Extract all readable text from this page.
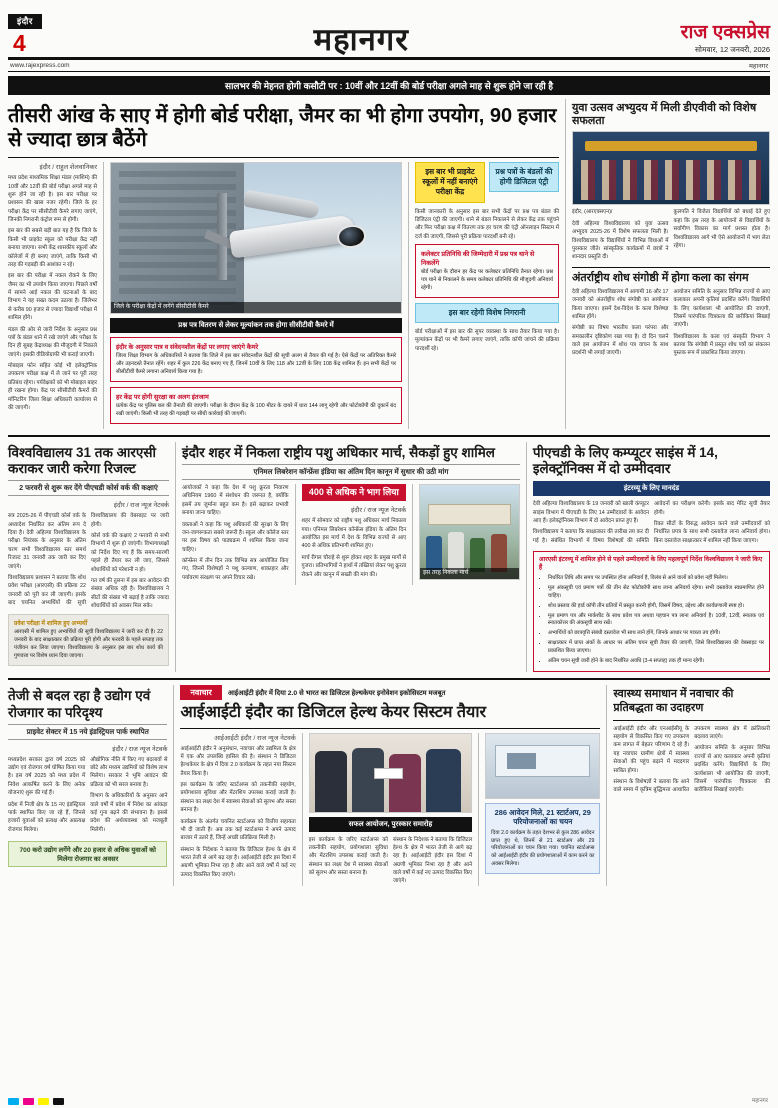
इंदौर
4	महानगर	राज एक्सप्रेस
सोमवार, 12 जनवरी, 2026
www.rajexpress.com	महानगर
सालभर की मेहनत होगी कसौटी पर : 10वीं और 12वीं की बोर्ड परीक्षा अगले माह से शुरू होने जा रही है
तीसरी आंख के साए में होगी बोर्ड परीक्षा, जैमर का भी होगा उपयोग, 90 हजार से ज्यादा छात्र बैठेंगे
इंदौर / राहुल शेलवानिकर

मध्य प्रदेश माध्यमिक शिक्षा मंडल (माशिमं) की 10वीं और 12वीं की बोर्ड परीक्षा अगले माह से शुरू होने जा रही है। इस बार परीक्षा पर प्रशासन की खास नजर रहेगी। जिले के हर परीक्षा केंद्र पर सीसीटीवी कैमरे लगाए जाएंगे, जिनकी निगरानी कंट्रोल रूम से होगी।

इस बार की सबसे बड़ी बात यह है कि जिले के किसी भी प्राइवेट स्कूल को परीक्षा केंद्र नहीं बनाया जाएगा। सभी केंद्र शासकीय स्कूलों और कॉलेजों में ही बनाए जाएंगे, ताकि किसी भी तरह की गड़बड़ी की आशंका न रहे।

इस बार की परीक्षा में नकल रोकने के लिए जैमर का भी उपयोग किया जाएगा। पिछले वर्षों में सामने आई नकल की घटनाओं के बाद विभाग ने यह सख्त कदम उठाया है। जिलेभर से करीब 90 हजार से ज्यादा विद्यार्थी परीक्षा में शामिल होंगे।

मंडल की ओर से जारी निर्देश के अनुसार प्रश्न पत्रों के बंडल थाने में रखे जाएंगे और परीक्षा के दिन ही सुबह केंद्राध्यक्ष की मौजूदगी में निकाले जाएंगे। इसकी वीडियोग्राफी भी कराई जाएगी।

मोबाइल फोन सहित कोई भी इलेक्ट्रॉनिक उपकरण परीक्षा कक्ष में ले जाने पर पूरी तरह प्रतिबंध रहेगा। पर्यवेक्षकों को भी मोबाइल बाहर ही रखना होगा। केंद्र पर सीसीटीवी कैमरों की मॉनिटरिंग जिला शिक्षा अधिकारी कार्यालय से की जाएगी।

जिले के परीक्षा केंद्रों में लगेंगे सीसीटीवी कैमरे
प्रश्न पत्र वितरण से लेकर मूल्यांकन तक होगा सीसीटीवी कैमरे में
इंदौर के अनुसार पात्र व संवेदनशील केंद्रों पर लगाए जाएंगे कैमरे
जिला शिक्षा विभाग के अधिकारियों ने बताया कि जिले में इस बार संवेदनशील केंद्रों की सूची अलग से तैयार की गई है। ऐसे केंद्रों पर अतिरिक्त कैमरे और उड़नदस्ते तैनात रहेंगे। शहर में कुल 226 केंद्र बनाए गए हैं, जिनमें 10वीं के लिए 118 और 12वीं के लिए 108 केंद्र शामिल हैं। इन सभी केंद्रों पर सीसीटीवी कैमरे लगाना अनिवार्य किया गया है।
हर केंद्र पर होगी सुरक्षा का अलग इंतजाम
प्रत्येक केंद्र पर पुलिस बल की तैनाती की जाएगी। परीक्षा के दौरान केंद्र के 100 मीटर के दायरे में धारा 144 लागू रहेगी और फोटोकॉपी की दुकानें बंद रखी जाएंगी। किसी भी तरह की गड़बड़ी पर सीधी कार्रवाई की जाएगी।
इस बार भी प्राइवेट स्कूलों में नहीं बनाएंगे परीक्षा केंद्र
प्रश्न पत्रों के बंडलों की होगी डिजिटल एंट्री

किसी जानकारी के अनुसार इस बार सभी केंद्रों पर प्रश्न पत्र बंडल की डिजिटल एंट्री की जाएगी। थाने से बंडल निकालने से लेकर केंद्र तक पहुंचने और फिर परीक्षा कक्ष में वितरण तक हर चरण की एंट्री ऑनलाइन सिस्टम में दर्ज की जाएगी, जिससे पूरी प्रक्रिया पारदर्शी बनी रहे।

कलेक्टर प्रतिनिधि की जिम्मेदारी में प्रश्न पत्र थाने से निकलेंगे
बोर्ड परीक्षा के दौरान हर केंद्र पर कलेक्टर प्रतिनिधि तैनात रहेगा। प्रश्न पत्र थाने से निकालने के समय कलेक्टर प्रतिनिधि की मौजूदगी अनिवार्य रहेगी।
इस बार रहेगी विशेष निगरानी

बोर्ड परीक्षाओं में इस बार की सुपर व्यवस्था के साथ तैयार किया गया है। मूल्यांकन केंद्रों पर भी कैमरे लगाए जाएंगे, ताकि कॉपी जांचने की प्रक्रिया पारदर्शी रहे।

युवा उत्सव अभ्युदय में मिली डीएवीवी को विशेष सफलता

इंदौर, (आरएक्सएन)/

देवी अहिल्या विश्वविद्यालय को युवा उत्सव अभ्युदय 2025-26 में विशेष सफलता मिली है। विश्वविद्यालय के विद्यार्थियों ने विभिन्न विधाओं में पुरस्कार जीते। सांस्कृतिक कार्यक्रमों में छात्रों ने शानदार प्रस्तुति दी।

कुलपति ने विजेता विद्यार्थियों को बधाई देते हुए कहा कि इस तरह के आयोजनों से विद्यार्थियों के सर्वांगीण विकास का मार्ग प्रशस्त होता है। विश्वविद्यालय आगे भी ऐसे आयोजनों में भाग लेता रहेगा।

अंतर्राष्ट्रीय शोध संगोष्ठी में होगा कला का संगम

देवी अहिल्या विश्वविद्यालय में आगामी 16 और 17 जनवरी को अंतर्राष्ट्रीय शोध संगोष्ठी का आयोजन किया जाएगा। इसमें देश-विदेश के कला विशेषज्ञ शामिल होंगे।

संगोष्ठी का विषय भारतीय कला परंपरा और समकालीन दृष्टिकोण रखा गया है। दो दिन चलने वाले इस आयोजन में शोध पत्र वाचन के साथ प्रदर्शनी भी लगाई जाएगी।

आयोजन समिति के अनुसार विभिन्न राज्यों से आए कलाकार अपनी कृतियां प्रदर्शित करेंगे। विद्यार्थियों के लिए कार्यशाला भी आयोजित की जाएगी, जिसमें पारंपरिक चित्रकला की बारीकियां सिखाई जाएंगी।

विश्वविद्यालय के कला एवं संस्कृति विभाग ने बताया कि संगोष्ठी में प्रस्तुत शोध पत्रों का संकलन पुस्तक रूप में प्रकाशित किया जाएगा।

विश्वविद्यालय 31 तक आरएसी कराकर जारी करेगा रिजल्ट
2 फरवरी से शुरू कर देंगे पीएचडी कोर्स वर्क की कक्षाएं
इंदौर / राज न्यूज नेटवर्क

सत्र 2025-26 में पीएचडी कोर्स वर्क के अध्यादेश निर्धारित कर अंतिम रूप दे दिया है। देवी अहिल्या विश्वविद्यालय के परीक्षा नियंत्रक के अनुसार के अंतिम चरण सभी विश्वविद्यालय स्तर समर्थ रिजल्ट 31 जनवरी तक जारी कर दिए जाएंगे।

विश्वविद्यालय प्रशासन ने बताया कि शोध प्रवेश परीक्षा (आरएसी) की प्रक्रिया 22 जनवरी को पूरी कर ली जाएगी। इसके बाद चयनित अभ्यर्थियों की सूची विश्वविद्यालय की वेबसाइट पर जारी होगी।

कोर्स वर्क की कक्षाएं 2 फरवरी से सभी विभागों में शुरू हो जाएंगी। विभागाध्यक्षों को निर्देश दिए गए हैं कि समय-सारणी पहले ही तैयार कर ली जाए, जिससे शोधार्थियों को परेशानी न हो।

गत वर्ष की तुलना में इस बार आवेदन की संख्या अधिक रही है। विश्वविद्यालय ने सीटों की संख्या भी बढ़ाई है ताकि ज्यादा शोधार्थियों को अवसर मिल सके।

प्रवेश परीक्षा में शामिल हुए अभ्यर्थी
आरएसी में शामिल हुए अभ्यर्थियों की सूची विश्वविद्यालय ने जारी कर दी है। 22 जनवरी के बाद साक्षात्कार की प्रक्रिया पूरी होगी और फरवरी के पहले सप्ताह तक पंजीयन कर लिया जाएगा। विश्वविद्यालय के अनुसार इस बार शोध कार्य की गुणवत्ता पर विशेष ध्यान दिया जाएगा।
इंदौर शहर में निकला राष्ट्रीय पशु अधिकार मार्च, सैकड़ों हुए शामिल
एनिमल लिबरेशन कॉन्फ्रेंस इंडिया का अंतिम दिन कानून में सुधार की उठी मांग

आयोजकों ने कहा कि देश में पशु क्रूरता निवारण अधिनियम 1960 में संशोधन की जरूरत है, क्योंकि इसमें तय जुर्माना बहुत कम है। इसे बढ़ाकर प्रभावी बनाया जाना चाहिए।

वक्ताओं ने कहा कि पशु अधिकारों की सुरक्षा के लिए जन-जागरूकता सबसे जरूरी है। स्कूल और कॉलेज स्तर पर इस विषय को पाठ्यक्रम में शामिल किया जाना चाहिए।

कॉन्फ्रेंस में तीन दिन तक विभिन्न सत्र आयोजित किए गए, जिनमें विशेषज्ञों ने पशु कल्याण, शाकाहार और पर्यावरण संरक्षण पर अपने विचार रखे।

400 से अधिक ने भाग लिया
इंदौर / राज न्यूज नेटवर्क

शहर में सोमवार को राष्ट्रीय पशु अधिकार मार्च निकाला गया। एनिमल लिबरेशन कॉन्फ्रेंस इंडिया के अंतिम दिन आयोजित इस मार्च में देश के विभिन्न राज्यों से आए 400 से अधिक प्रतिभागी शामिल हुए।

मार्च रीगल चौराहे से शुरू होकर शहर के प्रमुख मार्गों से गुजरा। प्रतिभागियों ने हाथों में तख्तियां लेकर पशु क्रूरता रोकने और कानून में सख्ती की मांग की।	इस तरह निकला मार्च
पीएचडी के लिए कम्प्यूटर साइंस में 14, इलेक्ट्रॉनिक्स में दो उम्मीदवार
इंटरव्यू के लिए मानदंड

देवी अहिल्या विश्वविद्यालय के 19 जनवरी को खाली कंप्यूटर साइंस विभाग में पीएचडी के लिए 14 उम्मीदवारों के आवेदन आए हैं। इलेक्ट्रॉनिक्स विभाग में दो आवेदन प्राप्त हुए हैं।

विश्वविद्यालय ने बताया कि साक्षात्कार की तारीख तय कर दी गई है। संबंधित विभागों में विषय विशेषज्ञों की समिति आवेदनों का परीक्षण करेगी। इसके बाद मेरिट सूची तैयार होगी।

रिक्त सीटों के विरुद्ध आवेदन करने वाले उम्मीदवारों को निर्धारित प्रपत्र के साथ सभी दस्तावेज लाना अनिवार्य होगा। बिना दस्तावेज साक्षात्कार में शामिल नहीं किया जाएगा।

आरएसी इंटरव्यू में शामिल होने से पहले उम्मीदवारों के लिए महत्वपूर्ण निर्देश विश्वविद्यालय ने जारी किए हैं
• निर्धारित तिथि और समय पर उपस्थित होना अनिवार्य है, विलंब से आने वालों को प्रवेश नहीं मिलेगा।
• मूल अंकसूची एवं प्रमाण पत्रों की तीन सेट फोटोकॉपी साथ लाना अनिवार्य रहेगा। सभी दस्तावेज स्वप्रमाणित होने चाहिए।
• शोध प्रस्ताव की हार्ड कॉपी तीन प्रतियों में प्रस्तुत करनी होगी, जिसमें विषय, उद्देश्य और कार्यप्रणाली स्पष्ट हो।
• मूल प्रमाण पत्र और मार्कशीट के साथ प्रवेश पत्र अथवा पहचान पत्र लाना अनिवार्य है। 10वीं, 12वीं, स्नातक एवं स्नातकोत्तर की अंकसूची साथ रखें।
• अभ्यर्थियों को छात्रवृत्ति संबंधी दस्तावेज भी साथ लाने होंगे, जिनके आधार पर पात्रता तय होगी।
• साक्षात्कार में प्राप्त अंकों के आधार पर अंतिम चयन सूची तैयार की जाएगी, जिसे विश्वविद्यालय की वेबसाइट पर प्रकाशित किया जाएगा।
• अंतिम चयन सूची जारी होने के बाद निर्धारित अवधि (3-4 सप्ताह) तक ही मान्य रहेगी।
तेजी से बदल रहा है उद्योग एवं रोजगार का परिदृश्य
प्राइवेट सेक्टर में 15 नये इंडस्ट्रियल पार्क स्थापित
इंदौर / राज न्यूज नेटवर्क

मध्यप्रदेश सरकार द्वारा वर्ष 2025 को उद्योग एवं रोजगार वर्ष घोषित किया गया है। इस वर्ष 2025 को मध्य प्रदेश में निवेश आकर्षित करने के लिए अनेक योजनाएं शुरू की गई हैं।

प्रदेश में निजी क्षेत्र के 15 नए इंडस्ट्रियल पार्क स्थापित किए जा रहे हैं, जिनसे हजारों युवाओं को प्रत्यक्ष और अप्रत्यक्ष रोजगार मिलेगा।

औद्योगिक नीति में किए गए बदलावों से छोटे और मध्यम उद्यमियों को विशेष लाभ मिलेगा। सरकार ने भूमि आवंटन की प्रक्रिया को भी सरल बनाया है।

विभाग के अधिकारियों के अनुसार आने वाले वर्षों में प्रदेश में निवेश का आंकड़ा कई गुना बढ़ने की संभावना है। इससे प्रदेश की अर्थव्यवस्था को मजबूती मिलेगी।

700 करो उद्योग लगेंगे और 20 हजार से अधिक युवाओं को मिलेगा रोजगार का अवसर
नवाचार	आईआईटी इंदौर में दिया 2.0 से भारत का डिजिटल हेल्थकेयर इनोवेशन इकोसिस्टम मजबूत
आईआईटी इंदौर का डिजिटल हेल्थ केयर सिस्टम तैयार
आईआईटी इंदौर / राज न्यूज नेटवर्क

आईआईटी इंदौर ने अनुसंधान, नवाचार और उद्यमिता के क्षेत्र में एक और उपलब्धि हासिल की है। संस्थान ने डिजिटल हेल्थकेयर के क्षेत्र में दिया 2.0 कार्यक्रम के तहत नया सिस्टम तैयार किया है।

इस कार्यक्रम के जरिए स्टार्टअप्स को तकनीकी सहयोग, प्रयोगशाला सुविधा और मेंटरशिप उपलब्ध कराई जाती है। संस्थान का लक्ष्य देश में स्वास्थ्य सेवाओं को सुलभ और सस्ता बनाना है।

कार्यक्रम के अंतर्गत चयनित स्टार्टअप्स को वित्तीय सहायता भी दी जाती है। अब तक कई स्टार्टअप्स ने अपने उत्पाद बाजार में उतारे हैं, जिन्हें अच्छी प्रतिक्रिया मिली है।

संस्थान के निदेशक ने बताया कि डिजिटल हेल्थ के क्षेत्र में भारत तेजी से आगे बढ़ रहा है। आईआईटी इंदौर इस दिशा में अग्रणी भूमिका निभा रहा है और आने वाले वर्षों में कई नए उत्पाद विकसित किए जाएंगे।

सफल आयोजन, पुरस्कार समारोह

इस कार्यक्रम के जरिए स्टार्टअप्स को तकनीकी सहयोग, प्रयोगशाला सुविधा और मेंटरशिप उपलब्ध कराई जाती है। संस्थान का लक्ष्य देश में स्वास्थ्य सेवाओं को सुलभ और सस्ता बनाना है।

संस्थान के निदेशक ने बताया कि डिजिटल हेल्थ के क्षेत्र में भारत तेजी से आगे बढ़ रहा है। आईआईटी इंदौर इस दिशा में अग्रणी भूमिका निभा रहा है और आने वाले वर्षों में कई नए उत्पाद विकसित किए जाएंगे।

286 आवेदन मिले, 21 स्टार्टअप, 29 परियोजनाओं का चयन
दिया 2.0 कार्यक्रम के तहत देशभर से कुल 286 आवेदन प्राप्त हुए थे, जिनमें से 21 स्टार्टअप और 29 परियोजनाओं का चयन किया गया। चयनित स्टार्टअप्स को आईआईटी इंदौर की प्रयोगशालाओं में काम करने का अवसर मिलेगा।
स्वास्थ्य समाधान में नवाचार की प्रतिबद्धता का उदाहरण

आईआईटी इंदौर और एनआईसीयू के सहयोग से विकसित किए गए उपकरण कम लागत में बेहतर परिणाम दे रहे हैं। यह नवाचार ग्रामीण क्षेत्रों में स्वास्थ्य सेवाओं की पहुंच बढ़ाने में मददगार साबित होगा।

संस्थान के विशेषज्ञों ने बताया कि आने वाले समय में कृत्रिम बुद्धिमत्ता आधारित उपकरण स्वास्थ्य क्षेत्र में क्रांतिकारी बदलाव लाएंगे।

आयोजन समिति के अनुसार विभिन्न राज्यों से आए कलाकार अपनी कृतियां प्रदर्शित करेंगे। विद्यार्थियों के लिए कार्यशाला भी आयोजित की जाएगी, जिसमें पारंपरिक चित्रकला की बारीकियां सिखाई जाएंगी।

महानगर
